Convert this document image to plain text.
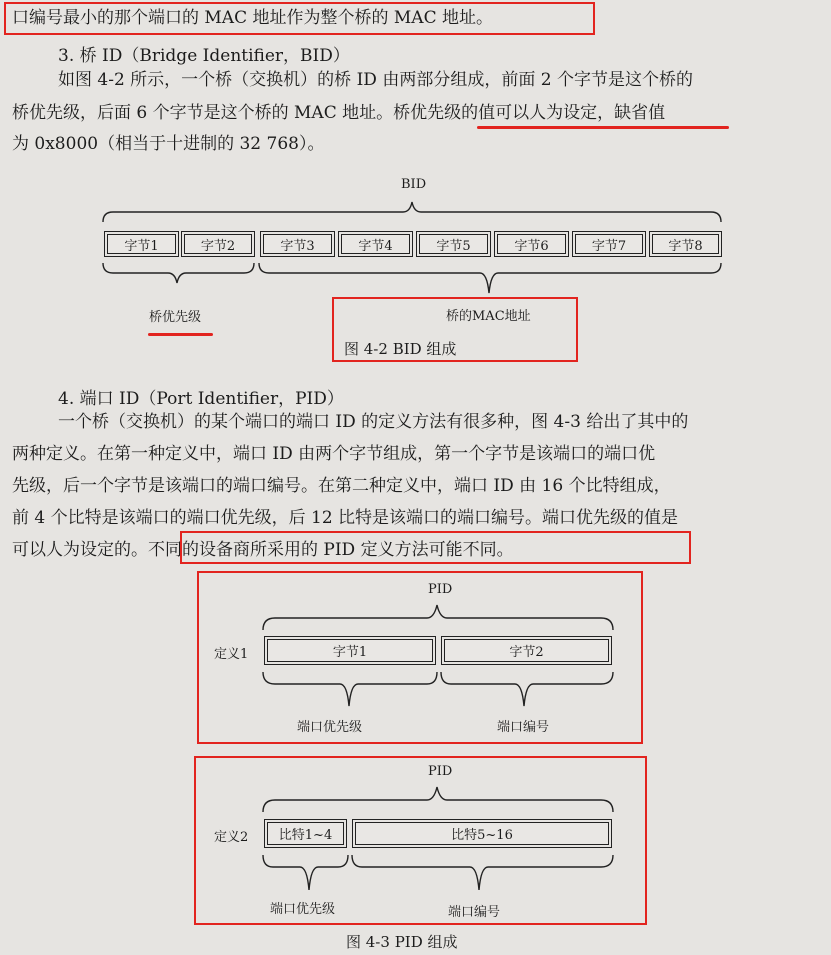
口编号最小的那个端口的 MAC 地址作为整个桥的 MAC 地址。
3. 桥 ID（Bridge Identifier，BID）
如图 4-2 所示，一个桥（交换机）的桥 ID 由两部分组成，前面 2 个字节是这个桥的
桥优先级，后面 6 个字节是这个桥的 MAC 地址。桥优先级的值可以人为设定，缺省值
为 0x8000（相当于十进制的 32 768）。
BID
字节1	字节2	字节3	字节4	字节5	字节6	字节7	字节8
桥优先级	桥的MAC地址
图 4-2 BID 组成
4. 端口 ID（Port Identifier，PID）
一个桥（交换机）的某个端口的端口 ID 的定义方法有很多种，图 4-3 给出了其中的
两种定义。在第一种定义中，端口 ID 由两个字节组成，第一个字节是该端口的端口优
先级，后一个字节是该端口的端口编号。在第二种定义中，端口 ID 由 16 个比特组成，
前 4 个比特是该端口的端口优先级，后 12 比特是该端口的端口编号。端口优先级的值是
可以人为设定的。不同的设备商所采用的 PID 定义方法可能不同。
PID
定义1	字节1	字节2
端口优先级	端口编号
PID
定义2	比特1~4	比特5~16
端口优先级	端口编号
图 4-3 PID 组成
